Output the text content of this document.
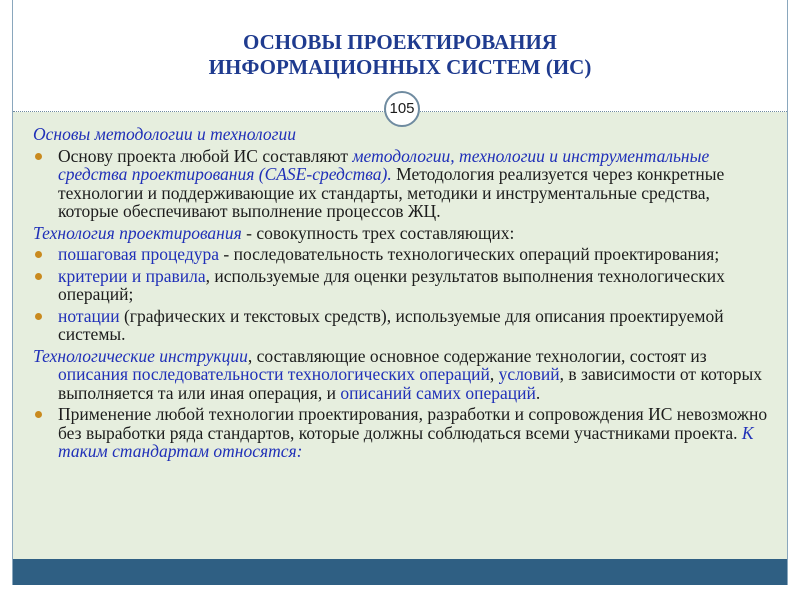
ОСНОВЫ ПРОЕКТИРОВАНИЯ
ИНФОРМАЦИОННЫХ СИСТЕМ (ИС)

Основы методологии и технологии

Основу проекта любой ИС составляют методологии, технологии и инструментальные средства проектирования (CASE-средства). Методология реализуется через конкретные технологии и поддерживающие их стандарты, методики и инструментальные средства, которые обеспечивают выполнение процессов ЖЦ.

Технология проектирования - совокупность трех составляющих:

пошаговая процедура - последовательность технологических операций проектирования;
критерии и правила, используемые для оценки результатов выполнения технологических операций;
нотации (графических и текстовых средств), используемые для описания проектируемой системы.

Технологические инструкции, составляющие основное содержание технологии, состоят из описания последовательности технологических операций, условий, в зависимости от которых выполняется та или иная операция, и описаний самих операций.

Применение любой технологии проектирования, разработки и сопровождения ИС невозможно без выработки ряда стандартов, которые должны соблюдаться всеми участниками проекта. К таким стандартам относятся:
105
